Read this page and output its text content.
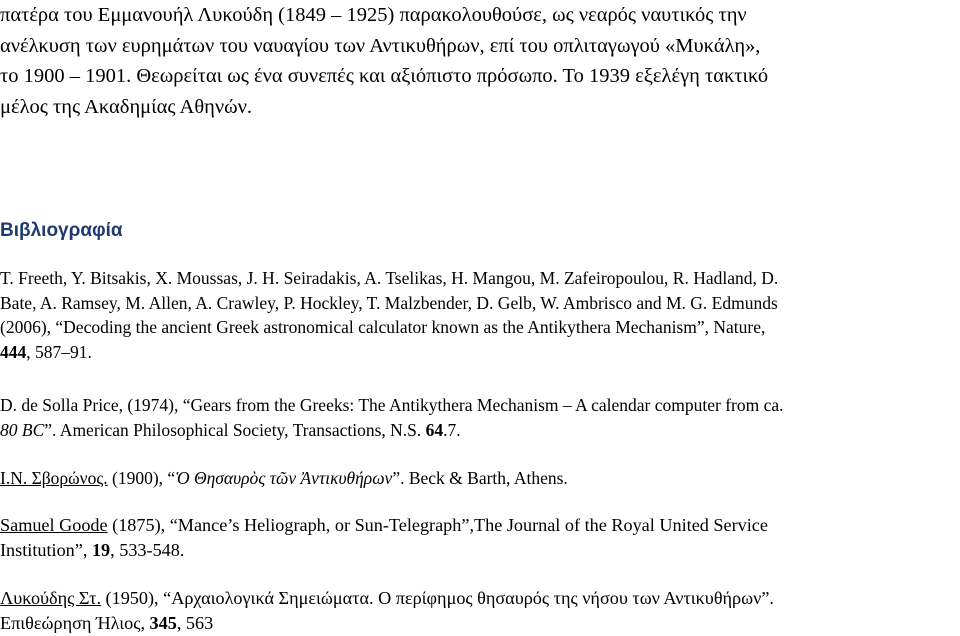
πατέρα του Εμμανουήλ Λυκούδη (1849 – 1925) παρακολουθούσε, ως νεαρός ναυτικός την
ανέλκυση των ευρημάτων του ναυαγίου των Αντικυθήρων, επί του οπλιταγωγού «Μυκάλη»,
το 1900 – 1901. Θεωρείται ως ένα συνεπές και αξιόπιστο πρόσωπο. Το 1939 εξελέγη τακτικό
μέλος της Ακαδημίας Αθηνών.

Βιβλιογραφία

T. Freeth, Y. Bitsakis, X. Moussas, J. H. Seiradakis, A. Tselikas, H. Mangou, M. Zafeiropoulou, R. Hadland, D.
Bate, A. Ramsey, M. Allen, A. Crawley, P. Hockley, T. Malzbender, D. Gelb, W. Ambrisco and M. G. Edmunds
(2006), “Decoding the ancient Greek astronomical calculator known as the Antikythera Mechanism”, Nature,
444, 587–91.

D. de Solla Price, (1974), “Gears from the Greeks: The Antikythera Mechanism – A calendar computer from ca.
80 BC”. American Philosophical Society, Transactions, N.S. 64.7.

I.N. Σβορώνος. (1900), “Ὁ Θησαυρὸς τῶν Ἀντικυθήρων”. Beck & Barth, Athens.

Samuel Goode (1875), “Mance’s Heliograph, or Sun-Telegraph”,The Journal of the Royal United Service
Institution”, 19, 533-548.

Λυκούδης Στ. (1950), “Αρχαιολογικά Σημειώματα. Ο περίφημος θησαυρός της νήσου των Αντικυθήρων”.
Επιθεώρηση Ήλιος, 345, 563
